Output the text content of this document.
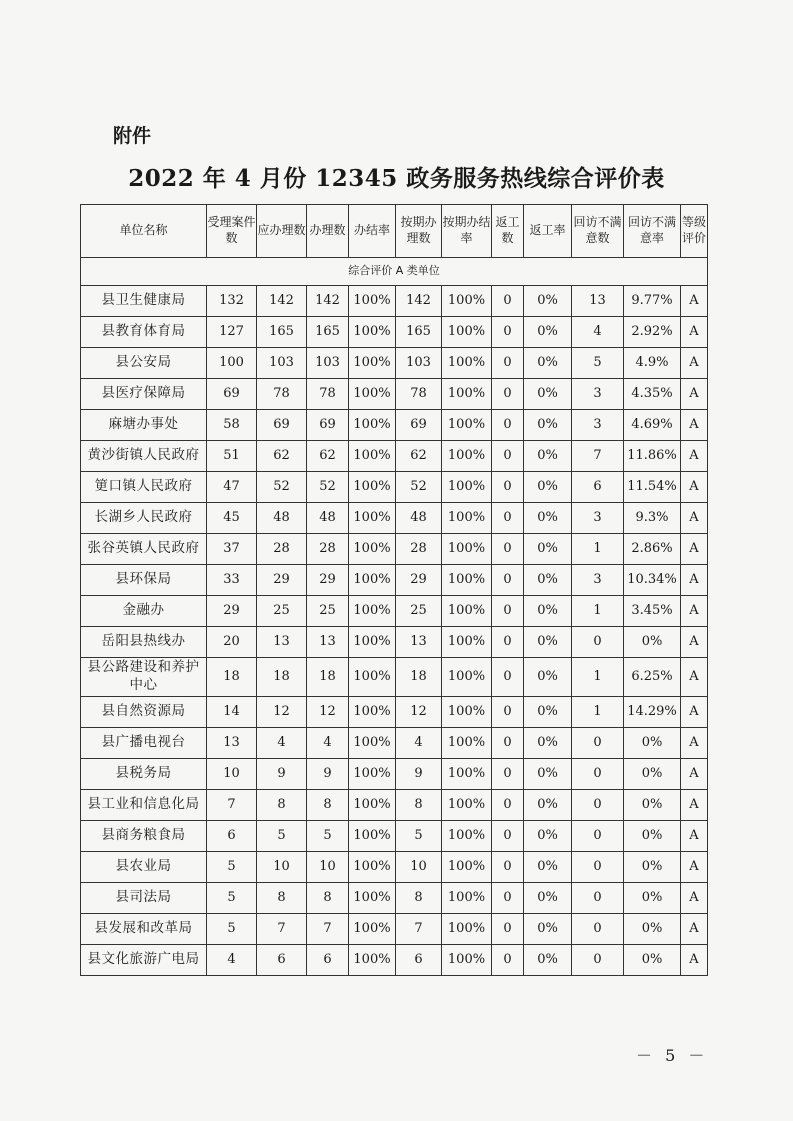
附件
2022 年 4 月份 12345 政务服务热线综合评价表
单位名称	受理案件数	应办理数	办理数	办结率	按期办理数	按期办结率	返工数	返工率	回访不满意数	回访不满意率	等级评价
综合评价 A 类单位											
县卫生健康局	132	142	142	100%	142	100%	0	0%	13	9.77%	A
县教育体育局	127	165	165	100%	165	100%	0	0%	4	2.92%	A
县公安局	100	103	103	100%	103	100%	0	0%	5	4.9%	A
县医疗保障局	69	78	78	100%	78	100%	0	0%	3	4.35%	A
麻塘办事处	58	69	69	100%	69	100%	0	0%	3	4.69%	A
黄沙街镇人民政府	51	62	62	100%	62	100%	0	0%	7	11.86%	A
筻口镇人民政府	47	52	52	100%	52	100%	0	0%	6	11.54%	A
长湖乡人民政府	45	48	48	100%	48	100%	0	0%	3	9.3%	A
张谷英镇人民政府	37	28	28	100%	28	100%	0	0%	1	2.86%	A
县环保局	33	29	29	100%	29	100%	0	0%	3	10.34%	A
金融办	29	25	25	100%	25	100%	0	0%	1	3.45%	A
岳阳县热线办	20	13	13	100%	13	100%	0	0%	0	0%	A
县公路建设和养护中心	18	18	18	100%	18	100%	0	0%	1	6.25%	A
县自然资源局	14	12	12	100%	12	100%	0	0%	1	14.29%	A
县广播电视台	13	4	4	100%	4	100%	0	0%	0	0%	A
县税务局	10	9	9	100%	9	100%	0	0%	0	0%	A
县工业和信息化局	7	8	8	100%	8	100%	0	0%	0	0%	A
县商务粮食局	6	5	5	100%	5	100%	0	0%	0	0%	A
县农业局	5	10	10	100%	10	100%	0	0%	0	0%	A
县司法局	5	8	8	100%	8	100%	0	0%	0	0%	A
县发展和改革局	5	7	7	100%	7	100%	0	0%	0	0%	A
县文化旅游广电局	4	6	6	100%	6	100%	0	0%	0	0%	A
－ 5 －
